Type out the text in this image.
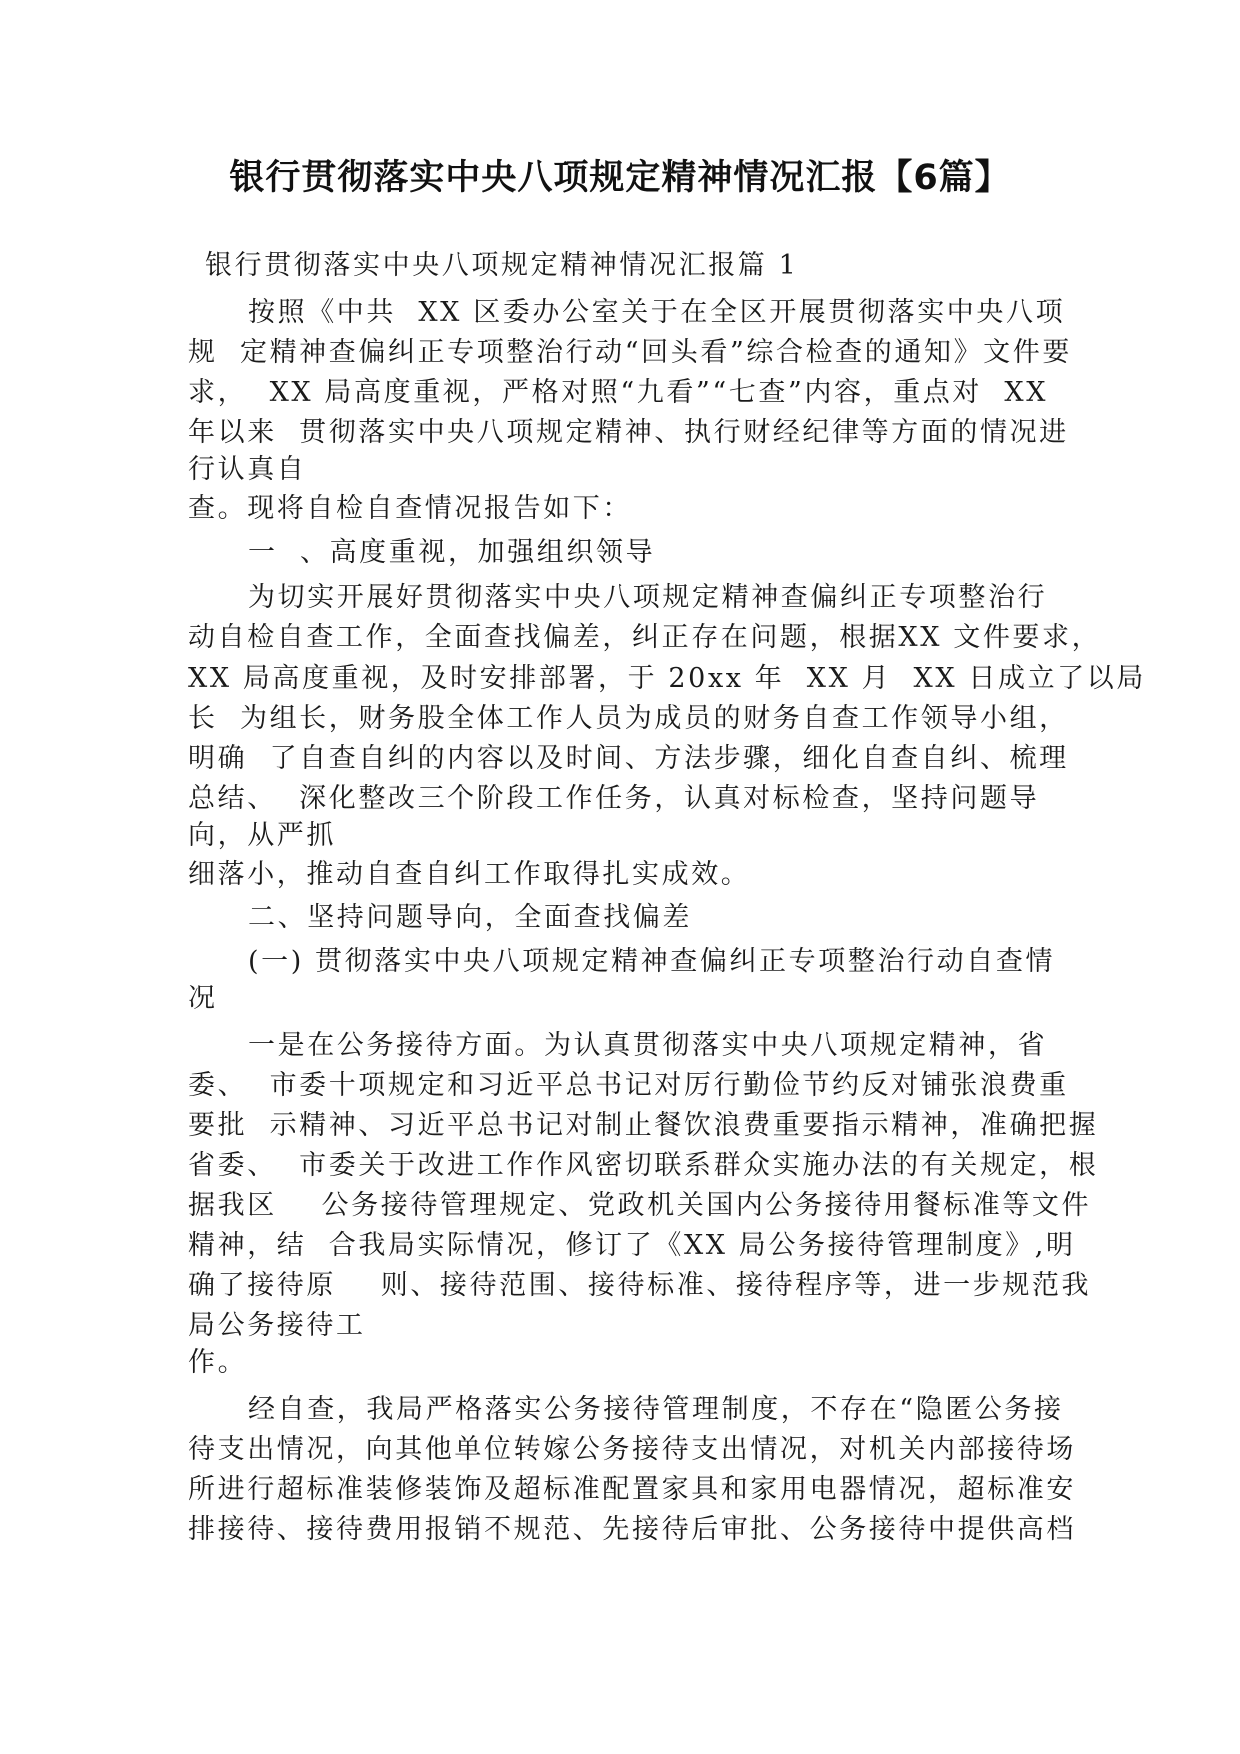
银行贯彻落实中央八项规定精神情况汇报【6篇】
银行贯彻落实中央八项规定精神情况汇报篇 1
按照《中共  XX 区委办公室关于在全区开展贯彻落实中央八项
规  定精神查偏纠正专项整治行动“回头看”综合检查的通知》文件要
求，  XX 局高度重视，严格对照“九看”“七查”内容，重点对  XX
年以来  贯彻落实中央八项规定精神、执行财经纪律等方面的情况进
行认真自
查。现将自检自查情况报告如下：
一  、高度重视，加强组织领导
为切实开展好贯彻落实中央八项规定精神查偏纠正专项整治行
动自检自查工作，全面查找偏差，纠正存在问题，根据XX 文件要求，
XX 局高度重视，及时安排部署，于 20xx 年  XX 月  XX 日成立了以局
长  为组长，财务股全体工作人员为成员的财务自查工作领导小组，
明确  了自查自纠的内容以及时间、方法步骤，细化自查自纠、梳理
总结、  深化整改三个阶段工作任务，认真对标检查，坚持问题导
向，从严抓
细落小，推动自查自纠工作取得扎实成效。
二、坚持问题导向，全面查找偏差
(一) 贯彻落实中央八项规定精神查偏纠正专项整治行动自查情
况
一是在公务接待方面。为认真贯彻落实中央八项规定精神，省
委、  市委十项规定和习近平总书记对厉行勤俭节约反对铺张浪费重
要批  示精神、习近平总书记对制止餐饮浪费重要指示精神，准确把握
省委、  市委关于改进工作作风密切联系群众实施办法的有关规定，根
据我区    公务接待管理规定、党政机关国内公务接待用餐标准等文件
精神，结  合我局实际情况，修订了《XX 局公务接待管理制度》,明
确了接待原    则、接待范围、接待标准、接待程序等，进一步规范我
局公务接待工
作。
经自查，我局严格落实公务接待管理制度，不存在“隐匿公务接
待支出情况，向其他单位转嫁公务接待支出情况，对机关内部接待场
所进行超标准装修装饰及超标准配置家具和家用电器情况，超标准安
排接待、接待费用报销不规范、先接待后审批、公务接待中提供高档
